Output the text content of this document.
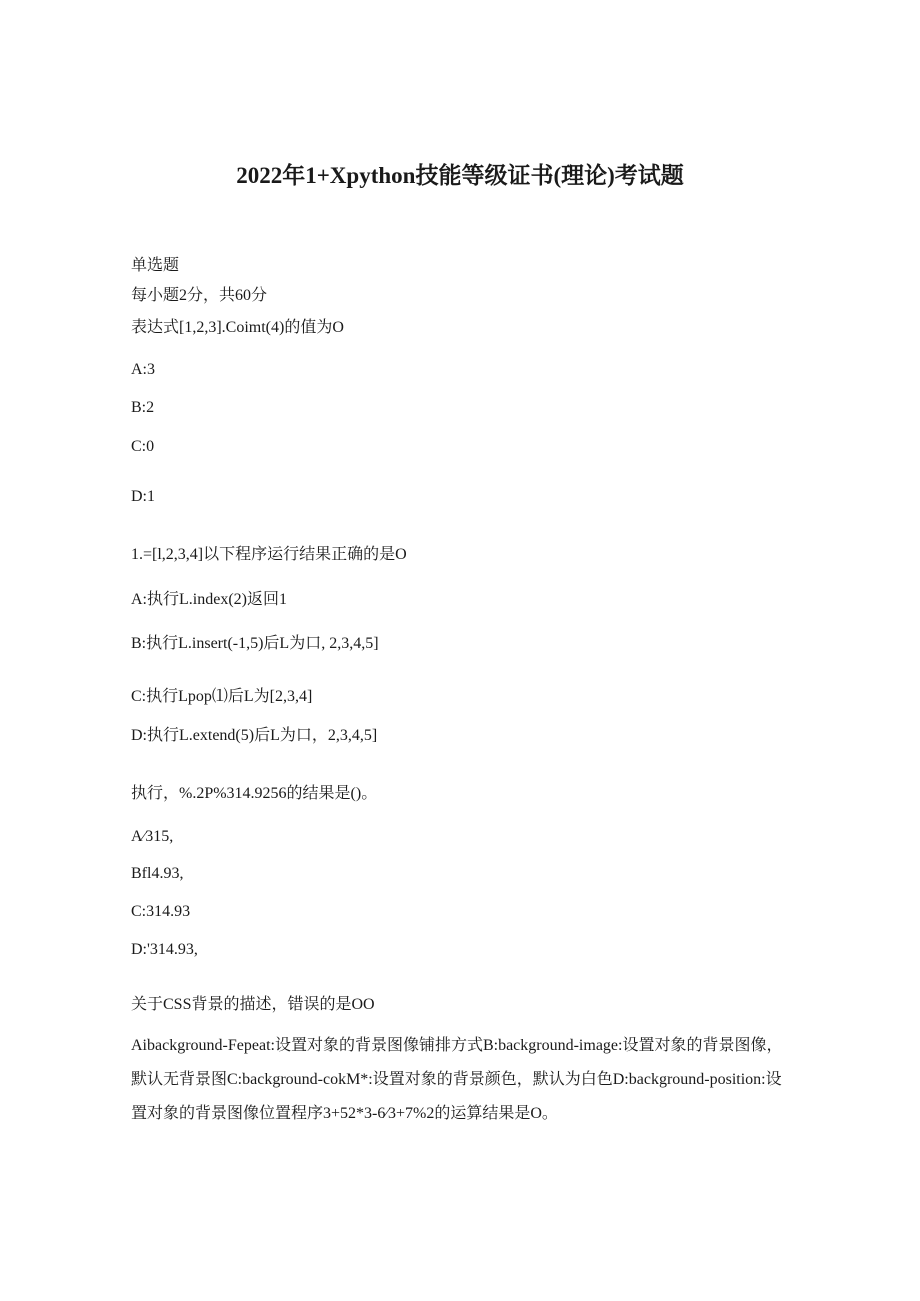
2022年1+Xpython技能等级证书(理论)考试题
单选题
每小题2分，共60分
表达式[1,2,3].Coimt(4)的值为O
A:3
B:2
C:0
D:1
1.=[l,2,3,4]以下程序运行结果正确的是O
A:执行L.index(2)返回1
B:执行L.insert(-1,5)后L为口, 2,3,4,5]
C:执行Lpop⑴后L为[2,3,4]
D:执行L.extend(5)后L为口，2,3,4,5]
执行，%.2P%314.9256的结果是()。
A∕315,
Bfl4.93,
C:314.93
D:'314.93,
关于CSS背景的描述，错误的是OO
Aibackground-Fepeat:设置对象的背景图像铺排方式B:background-image:设置对象的背景图像，默认无背景图C:background-cokM*:设置对象的背景颜色，默认为白色D:background-position:设置对象的背景图像位置程序3+52*3-6∕3+7%2的运算结果是O。
